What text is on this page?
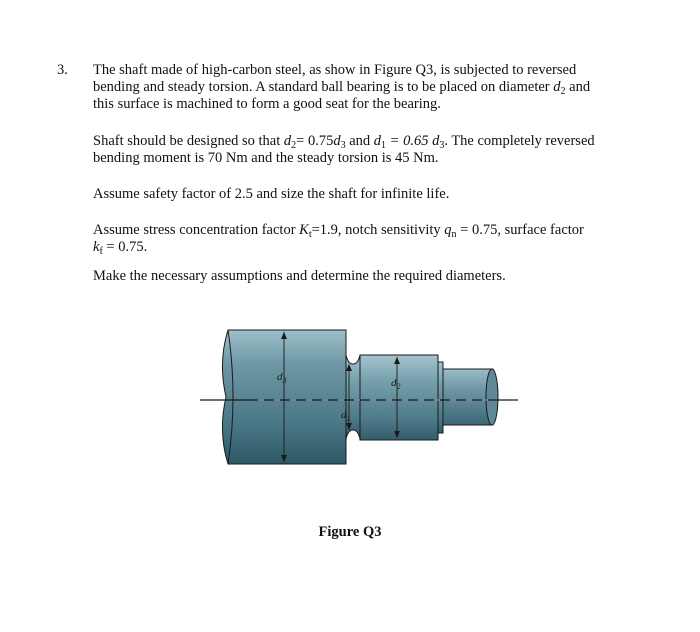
3. The shaft made of high-carbon steel, as show in Figure Q3, is subjected to reversed
bending and steady torsion. A standard ball bearing is to be placed on diameter $d_2$ and
this surface is machined to form a good seat for the bearing.
Shaft should be designed so that $d_2= 0.75d_3$ and $d_1 = 0.65$ $d_3$. The completely reversed
bending moment is 70 Nm and the steady torsion is 45 Nm.
Assume safety factor of 2.5 and size the shaft for infinite life.
Assume stress concentration factor $K_t=1.9$, notch sensitivity $q_n = 0.75$, surface factor
$k_f = 0.75$.
Make the necessary assumptions and determine the required diameters.
$d_3$	$d_2$
$d_1$
Figure Q3
